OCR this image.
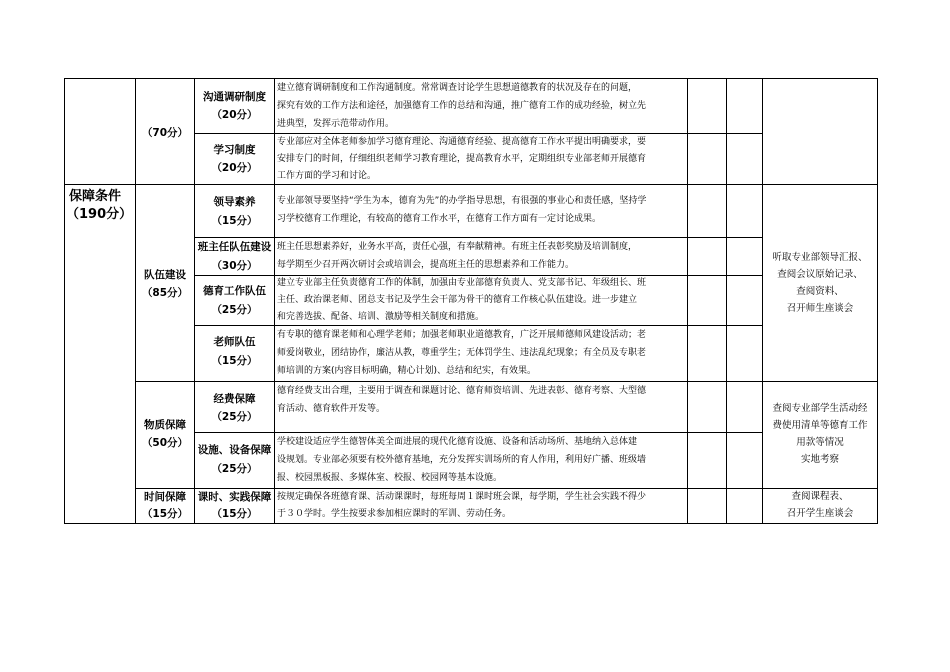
（70分）
沟通调研制度
（20分）
建立德育调研制度和工作沟通制度。常常调查讨论学生思想道德教育的状况及存在的问题，
探究有效的工作方法和途径，加强德育工作的总结和沟通，推广德育工作的成功经验，树立先
进典型，发挥示范带动作用。
学习制度
（20分）
专业部应对全体老师参加学习德育理论、沟通德育经验、提高德育工作水平提出明确要求，要
安排专门的时间，仔细组织老师学习教育理论，提高教育水平，定期组织专业部老师开展德育
工作方面的学习和讨论。
保障条件
（190分）
队伍建设
（85分）
领导素养
（15分）
专业部领导要坚持“学生为本，德育为先”的办学指导思想，有很强的事业心和责任感，坚持学
习学校德育工作理论，有较高的德育工作水平，在德育工作方面有一定讨论成果。
班主任队伍建设
（30分）
班主任思想素养好，业务水平高，责任心强，有奉献精神。有班主任表彰奖励及培训制度，
每学期至少召开两次研讨会或培训会，提高班主任的思想素养和工作能力。
德育工作队伍
（25分）
建立专业部主任负责德育工作的体制，加强由专业部德育负责人、党支部书记、年级组长、班
主任、政治课老师、团总支书记及学生会干部为骨干的德育工作核心队伍建设。进一步建立
和完善选拔、配备、培训、激励等相关制度和措施。
老师队伍
（15分）
有专职的德育课老师和心理学老师；加强老师职业道德教育，广泛开展师德师风建设活动；老
师爱岗敬业，团结协作，廉洁从教，尊重学生；无体罚学生、违法乱纪现象；有全员及专职老
师培训的方案(内容目标明确，精心计划)、总结和纪实，有效果。
物质保障
（50分）
经费保障
（25分）
德育经费支出合理，主要用于调查和课题讨论、德育师资培训、先进表彰、德育考察、大型德
育活动、德育软件开发等。
设施、设备保障
（25分）
学校建设适应学生德智体美全面进展的现代化德育设施、设备和活动场所、基地纳入总体建
设规划。专业部必须要有校外德育基地，充分发挥实训场所的育人作用，利用好广播、班级墙
报、校园黑板报、多媒体室、校报、校园网等基本设施。
时间保障
（15分）
课时、实践保障
（15分）
按规定确保各班德育课、活动课课时，每班每周１课时班会课，每学期，学生社会实践不得少
于３０学时。学生按要求参加相应课时的军训、劳动任务。
听取专业部领导汇报、
查阅会议原始记录、
查阅资料、
召开师生座谈会
查阅专业部学生活动经
费使用清单等德育工作
用款等情况
实地考察
查阅课程表、
召开学生座谈会
